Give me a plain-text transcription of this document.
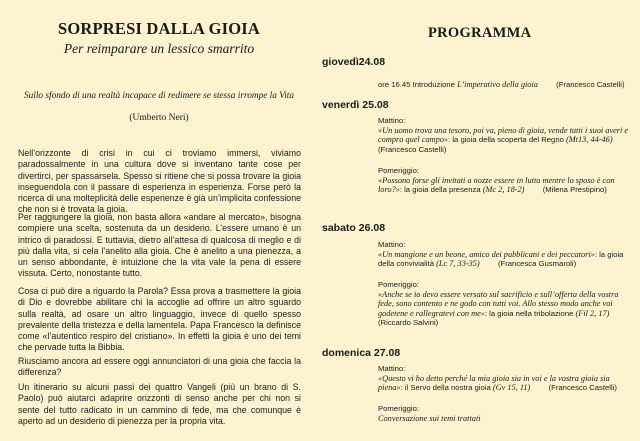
SORPRESI DALLA GIOIA
Per reimparare un lessico smarrito
Sullo sfondo di una realtà incapace di redimere se stessa irrompe la Vita
(Umberto Neri)

Nell’orizzonte di crisi in cui ci troviamo immersi, viviamo paradossalmente in una cultura dove si inventano tante cose per divertirci, per spassarsela. Spesso si ritiene che si possa trovare la gioia inseguendola con il passare di esperienza in esperienza. Forse però la ricerca di una molteplicità delle esperienze è già un’implicita confessione che non si è trovata la gioia.

Per raggiungere la gioia, non basta allora «andare al mercato», bisogna compiere una scelta, sostenuta da un desiderio. L’essere umano è un intrico di paradossi. E tuttavia, dietro all’attesa di qualcosa di meglio e di più dalla vita, si cela l’anelito alla gioia. Che è anelito a una pienezza, a un senso abbondante, è intuizione che la vita vale la pena di essere vissuta. Certo, nonostante tutto.

Cosa ci può dire a riguardo la Parola? Essa prova a trasmettere la gioia di Dio e dovrebbe abilitare chi la accoglie ad offrire un altro sguardo sulla realtà, ad osare un altro linguaggio, invece di quello spesso prevalente della tristezza e della lamentela. Papa Francesco la definisce come «l’autentico respiro del cristiano». In effetti la gioia è uno dei temi che pervade tutta la Bibbia.

Riusciamo ancora ad essere oggi annunciatori di una gioia che faccia la differenza?

Un itinerario su alcuni passi dei quattro Vangeli (più un brano di S. Paolo) può aiutarci adaprire orizzonti di senso anche per chi non si sente del tutto radicato in un cammino di fede, ma che comunque è aperto ad un desiderio di pienezza per la propria vita.

PROGRAMMA
giovedì24.08
ore 16.45 Introduzione L’imperativo della gioia (Francesco Castelli)
venerdì 25.08
Mattino:
«Un uomo trova una tesoro, poi va, pieno di gioia, vende tutti i suoi averi e compra quel campo»: la gioia della scoperta del Regno (Mt13, 44-46) (Francesco Castelli)
Pomeriggio:
«Possono forse gli invitati a nozze essere in lutto mentre lo sposo è con loro?»: la gioia della presenza (Mc 2, 18-2) (Milena Prestipino)
sabato 26.08
Mattino:
«Un mangione e un beone, amico dei pubblicani e dei peccatori»: la gioia della convivialità (Lc 7, 33-35) (Francesca Gusmaroli)
Pomeriggio:
«Anche se io devo essere versato sul sacrificio e sull’offerta della vostra fede, sono contento e ne godo con tutti voi. Allo stesso modo anche voi godetene e rallegratevi con me»: la gioia nella tribolazione (Fil 2, 17)  (Riccardo Salvini)
domenica 27.08
Mattino:
«Questo vi ho detto perché la mia gioia sia in voi e la vostra gioia sia piena»: il Servo della nostra gioia (Gv 15, 11) (Francesco Castelli)
Pomeriggio:
Conversazione sui temi trattati
